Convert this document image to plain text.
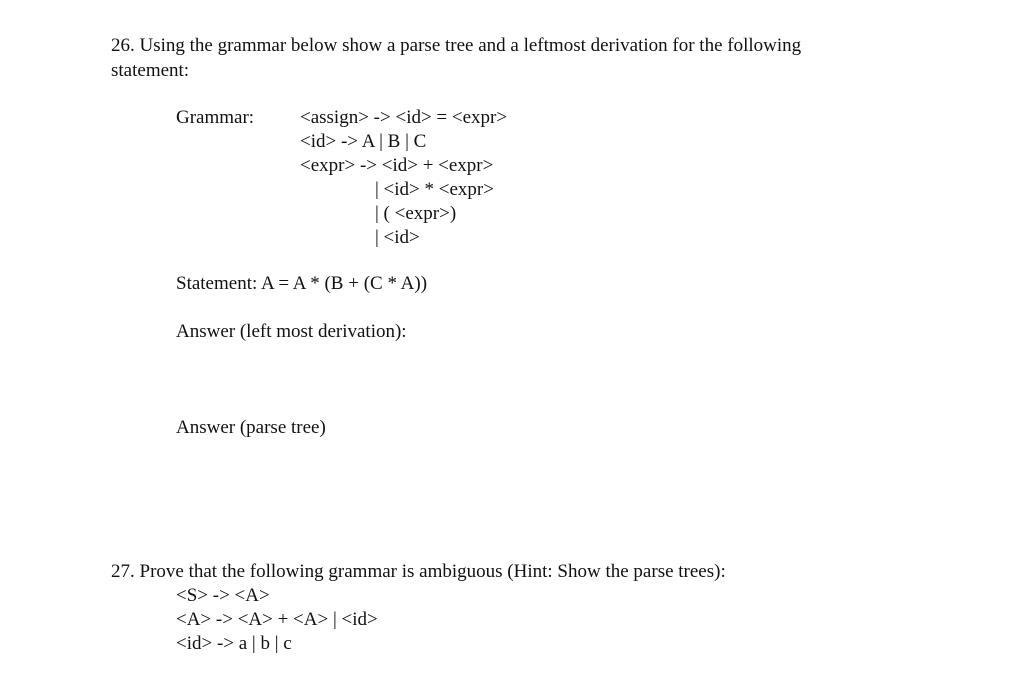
26. Using the grammar below show a parse tree and a leftmost derivation for the following
statement:
Grammar: <assign> -> <id> = <expr>
<id> -> A | B | C
<expr> -> <id> + <expr>
| <id> * <expr>
| ( <expr>)
| <id>
Statement: A = A * (B + (C * A))
Answer (left most derivation):
Answer (parse tree)
27. Prove that the following grammar is ambiguous (Hint: Show the parse trees):
<S> -> <A>
<A> -> <A> + <A> | <id>
<id> -> a | b | c
